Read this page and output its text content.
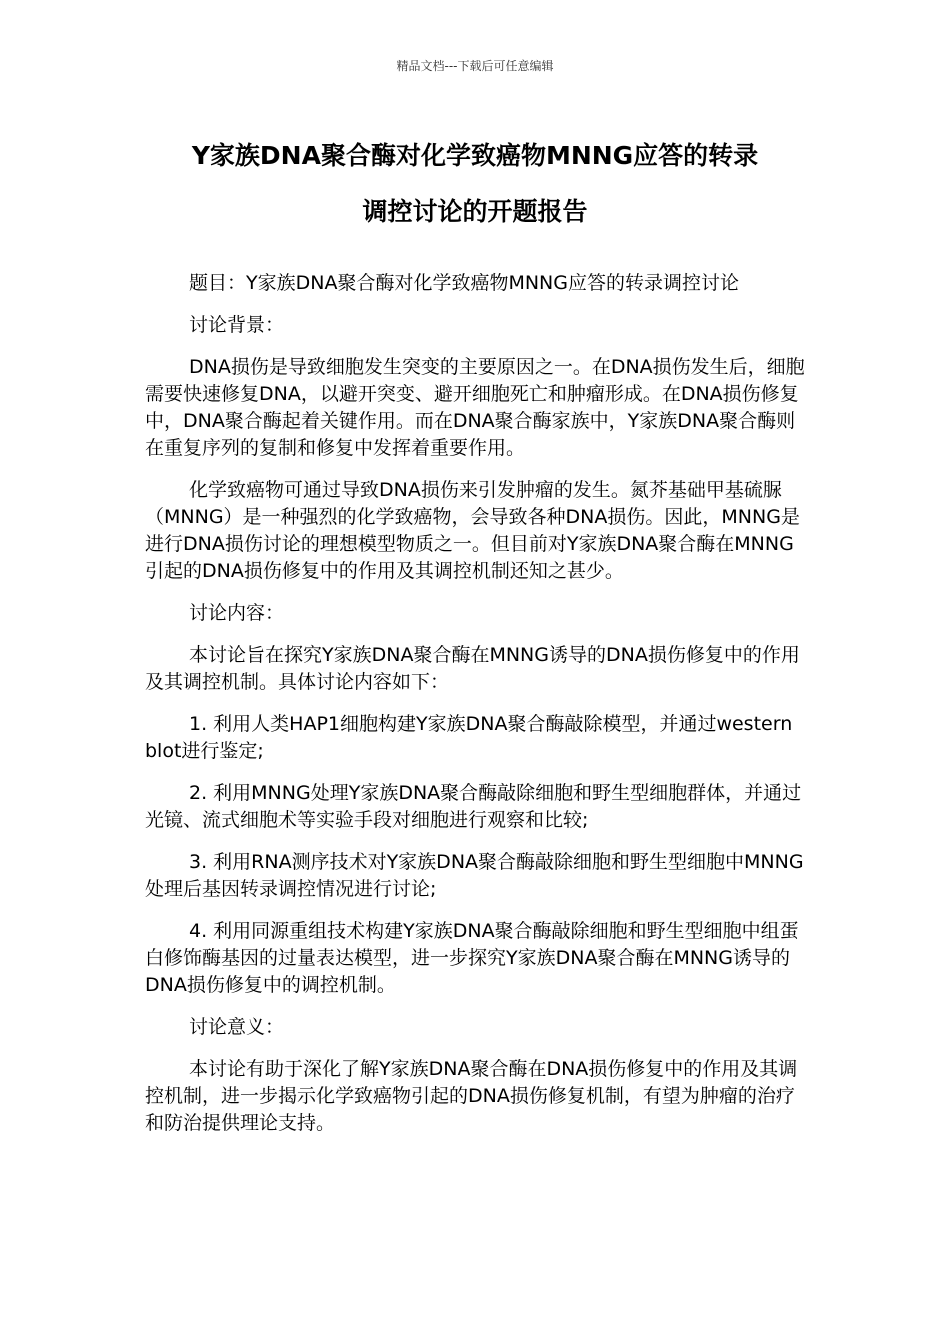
精品文档---下载后可任意编辑
Y家族DNA聚合酶对化学致癌物MNNG应答的转录
调控讨论的开题报告

题目：Y家族DNA聚合酶对化学致癌物MNNG应答的转录调控讨论

讨论背景：

DNA损伤是导致细胞发生突变的主要原因之一。在DNA损伤发生后，细胞需要快速修复DNA，以避开突变、避开细胞死亡和肿瘤形成。在DNA损伤修复中，DNA聚合酶起着关键作用。而在DNA聚合酶家族中，Y家族DNA聚合酶则在重复序列的复制和修复中发挥着重要作用。

化学致癌物可通过导致DNA损伤来引发肿瘤的发生。氮芥基础甲基硫脲（MNNG）是一种强烈的化学致癌物，会导致各种DNA损伤。因此，MNNG是进行DNA损伤讨论的理想模型物质之一。但目前对Y家族DNA聚合酶在MNNG引起的DNA损伤修复中的作用及其调控机制还知之甚少。

讨论内容：

本讨论旨在探究Y家族DNA聚合酶在MNNG诱导的DNA损伤修复中的作用及其调控机制。具体讨论内容如下：

1. 利用人类HAP1细胞构建Y家族DNA聚合酶敲除模型，并通过western blot进行鉴定;

2. 利用MNNG处理Y家族DNA聚合酶敲除细胞和野生型细胞群体，并通过光镜、流式细胞术等实验手段对细胞进行观察和比较;

3. 利用RNA测序技术对Y家族DNA聚合酶敲除细胞和野生型细胞中MNNG处理后基因转录调控情况进行讨论;

4. 利用同源重组技术构建Y家族DNA聚合酶敲除细胞和野生型细胞中组蛋白修饰酶基因的过量表达模型，进一步探究Y家族DNA聚合酶在MNNG诱导的DNA损伤修复中的调控机制。

讨论意义：

本讨论有助于深化了解Y家族DNA聚合酶在DNA损伤修复中的作用及其调控机制，进一步揭示化学致癌物引起的DNA损伤修复机制，有望为肿瘤的治疗和防治提供理论支持。
